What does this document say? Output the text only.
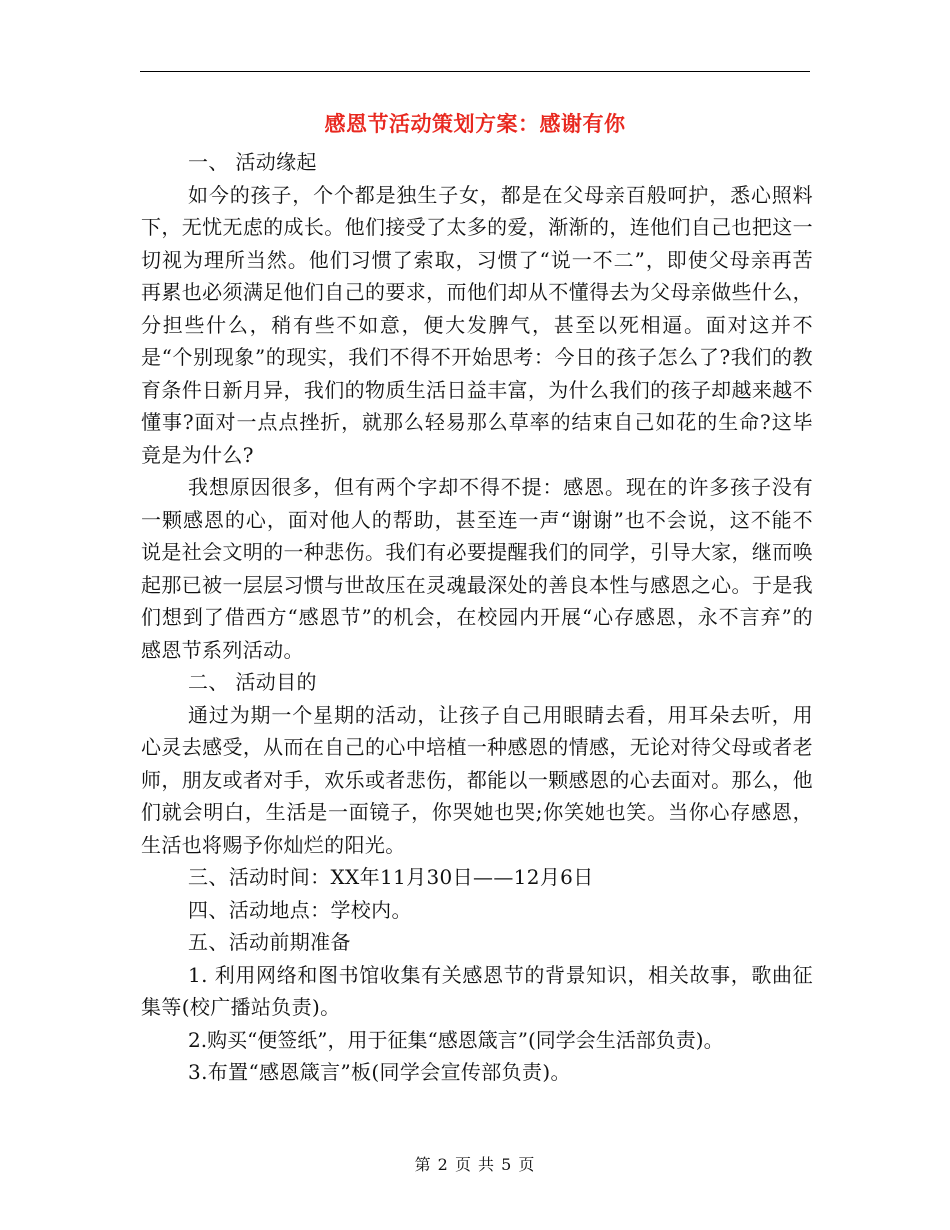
感恩节活动策划方案：感谢有你

一、 活动缘起

如今的孩子，个个都是独生子女，都是在父母亲百般呵护，悉心照料下，无忧无虑的成长。他们接受了太多的爱，渐渐的，连他们自己也把这一切视为理所当然。他们习惯了索取，习惯了“说一不二”，即使父母亲再苦再累也必须满足他们自己的要求，而他们却从不懂得去为父母亲做些什么，分担些什么，稍有些不如意，便大发脾气，甚至以死相逼。面对这并不是“个别现象”的现实，我们不得不开始思考：今日的孩子怎么了?我们的教育条件日新月异，我们的物质生活日益丰富，为什么我们的孩子却越来越不懂事?面对一点点挫折，就那么轻易那么草率的结束自己如花的生命?这毕竟是为什么?

我想原因很多，但有两个字却不得不提：感恩。现在的许多孩子没有一颗感恩的心，面对他人的帮助，甚至连一声“谢谢”也不会说，这不能不说是社会文明的一种悲伤。我们有必要提醒我们的同学，引导大家，继而唤起那已被一层层习惯与世故压在灵魂最深处的善良本性与感恩之心。于是我们想到了借西方“感恩节”的机会，在校园内开展“心存感恩，永不言弃”的感恩节系列活动。

二、 活动目的

通过为期一个星期的活动，让孩子自己用眼睛去看，用耳朵去听，用心灵去感受，从而在自己的心中培植一种感恩的情感，无论对待父母或者老师，朋友或者对手，欢乐或者悲伤，都能以一颗感恩的心去面对。那么，他们就会明白，生活是一面镜子，你哭她也哭;你笑她也笑。当你心存感恩，生活也将赐予你灿烂的阳光。

三、活动时间：XX年11月30日——12月6日

四、活动地点：学校内。

五、活动前期准备

1. 利用网络和图书馆收集有关感恩节的背景知识，相关故事，歌曲征集等(校广播站负责)。

2.购买“便签纸”，用于征集“感恩箴言”(同学会生活部负责)。

3.布置“感恩箴言”板(同学会宣传部负责)。

第 2 页 共 5 页
